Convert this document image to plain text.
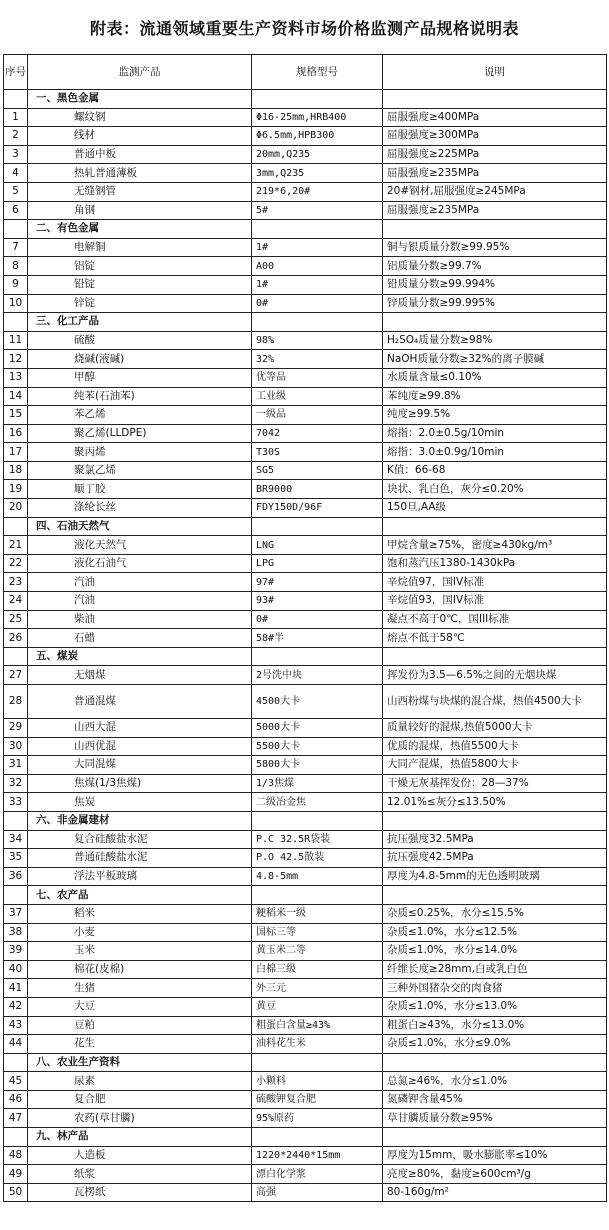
附表：流通领域重要生产资料市场价格监测产品规格说明表
序号	监测产品	规格型号	说明
	一、黑色金属		
1	螺纹钢	Φ16-25mm,HRB400	屈服强度≥400MPa
2	线材	Φ6.5mm,HPB300	屈服强度≥300MPa
3	普通中板	20mm,Q235	屈服强度≥225MPa
4	热轧普通薄板	3mm,Q235	屈服强度≥235MPa
5	无缝钢管	219*6,20#	20#钢材,屈服强度≥245MPa
6	角钢	5#	屈服强度≥235MPa
	二、有色金属		
7	电解铜	1#	铜与银质量分数≥99.95%
8	铝锭	A00	铝质量分数≥99.7%
9	铅锭	1#	铅质量分数≥99.994%
10	锌锭	0#	锌质量分数≥99.995%
	三、化工产品		
11	硫酸	98%	H₂SO₄质量分数≥98%
12	烧碱(液碱)	32%	NaOH质量分数≥32%的离子膜碱
13	甲醇	优等品	水质量含量≤0.10%
14	纯苯(石油苯)	工业级	苯纯度≥99.8%
15	苯乙烯	一级品	纯度≥99.5%
16	聚乙烯(LLDPE)	7042	熔指：2.0±0.5g/10min
17	聚丙烯	T30S	熔指：3.0±0.9g/10min
18	聚氯乙烯	SG5	K值：66-68
19	顺丁胶	BR9000	块状、乳白色，灰分≤0.20%
20	涤纶长丝	FDY150D/96F	150旦,AA级
	四、石油天然气		
21	液化天然气	LNG	甲烷含量≥75%，密度≥430kg/m³
22	液化石油气	LPG	饱和蒸汽压1380-1430kPa
23	汽油	97#	辛烷值97，国IV标准
24	汽油	93#	辛烷值93，国IV标准
25	柴油	0#	凝点不高于0℃，国III标准
26	石蜡	58#半	熔点不低于58℃
	五、煤炭		
27	无烟煤	2号洗中块	挥发份为3.5—6.5%之间的无烟块煤
28	普通混煤	4500大卡	山西粉煤与块煤的混合煤，热值4500大卡
29	山西大混	5000大卡	质量较好的混煤,热值5000大卡
30	山西优混	5500大卡	优质的混煤，热值5500大卡
31	大同混煤	5800大卡	大同产混煤，热值5800大卡
32	焦煤(1/3焦煤)	1/3焦煤	干燥无灰基挥发份：28—37%
33	焦炭	二级冶金焦	12.01%≤灰分≤13.50%
	六、非金属建材		
34	复合硅酸盐水泥	P.C 32.5R袋装	抗压强度32.5MPa
35	普通硅酸盐水泥	P.O 42.5散装	抗压强度42.5MPa
36	浮法平板玻璃	4.8-5mm	厚度为4.8-5mm的无色透明玻璃
	七、农产品		
37	稻米	粳稻米一级	杂质≤0.25%，水分≤15.5%
38	小麦	国标三等	杂质≤1.0%，水分≤12.5%
39	玉米	黄玉米二等	杂质≤1.0%，水分≤14.0%
40	棉花(皮棉)	白棉三级	纤维长度≥28mm,白或乳白色
41	生猪	外三元	三种外国猪杂交的肉食猪
42	大豆	黄豆	杂质≤1.0%，水分≤13.0%
43	豆粕	粗蛋白含量≥43%	粗蛋白≥43%，水分≤13.0%
44	花生	油料花生米	杂质≤1.0%，水分≤9.0%
	八、农业生产资料		
45	尿素	小颗料	总氮≥46%，水分≤1.0%
46	复合肥	硫酸钾复合肥	氮磷钾含量45%
47	农药(草甘膦)	95%原药	草甘膦质量分数≥95%
	九、林产品		
48	人造板	1220*2440*15mm	厚度为15mm，吸水膨胀率≤10%
49	纸浆	漂白化学浆	亮度≥80%，黏度≥600cm³/g
50	瓦楞纸	高强	80-160g/m²
